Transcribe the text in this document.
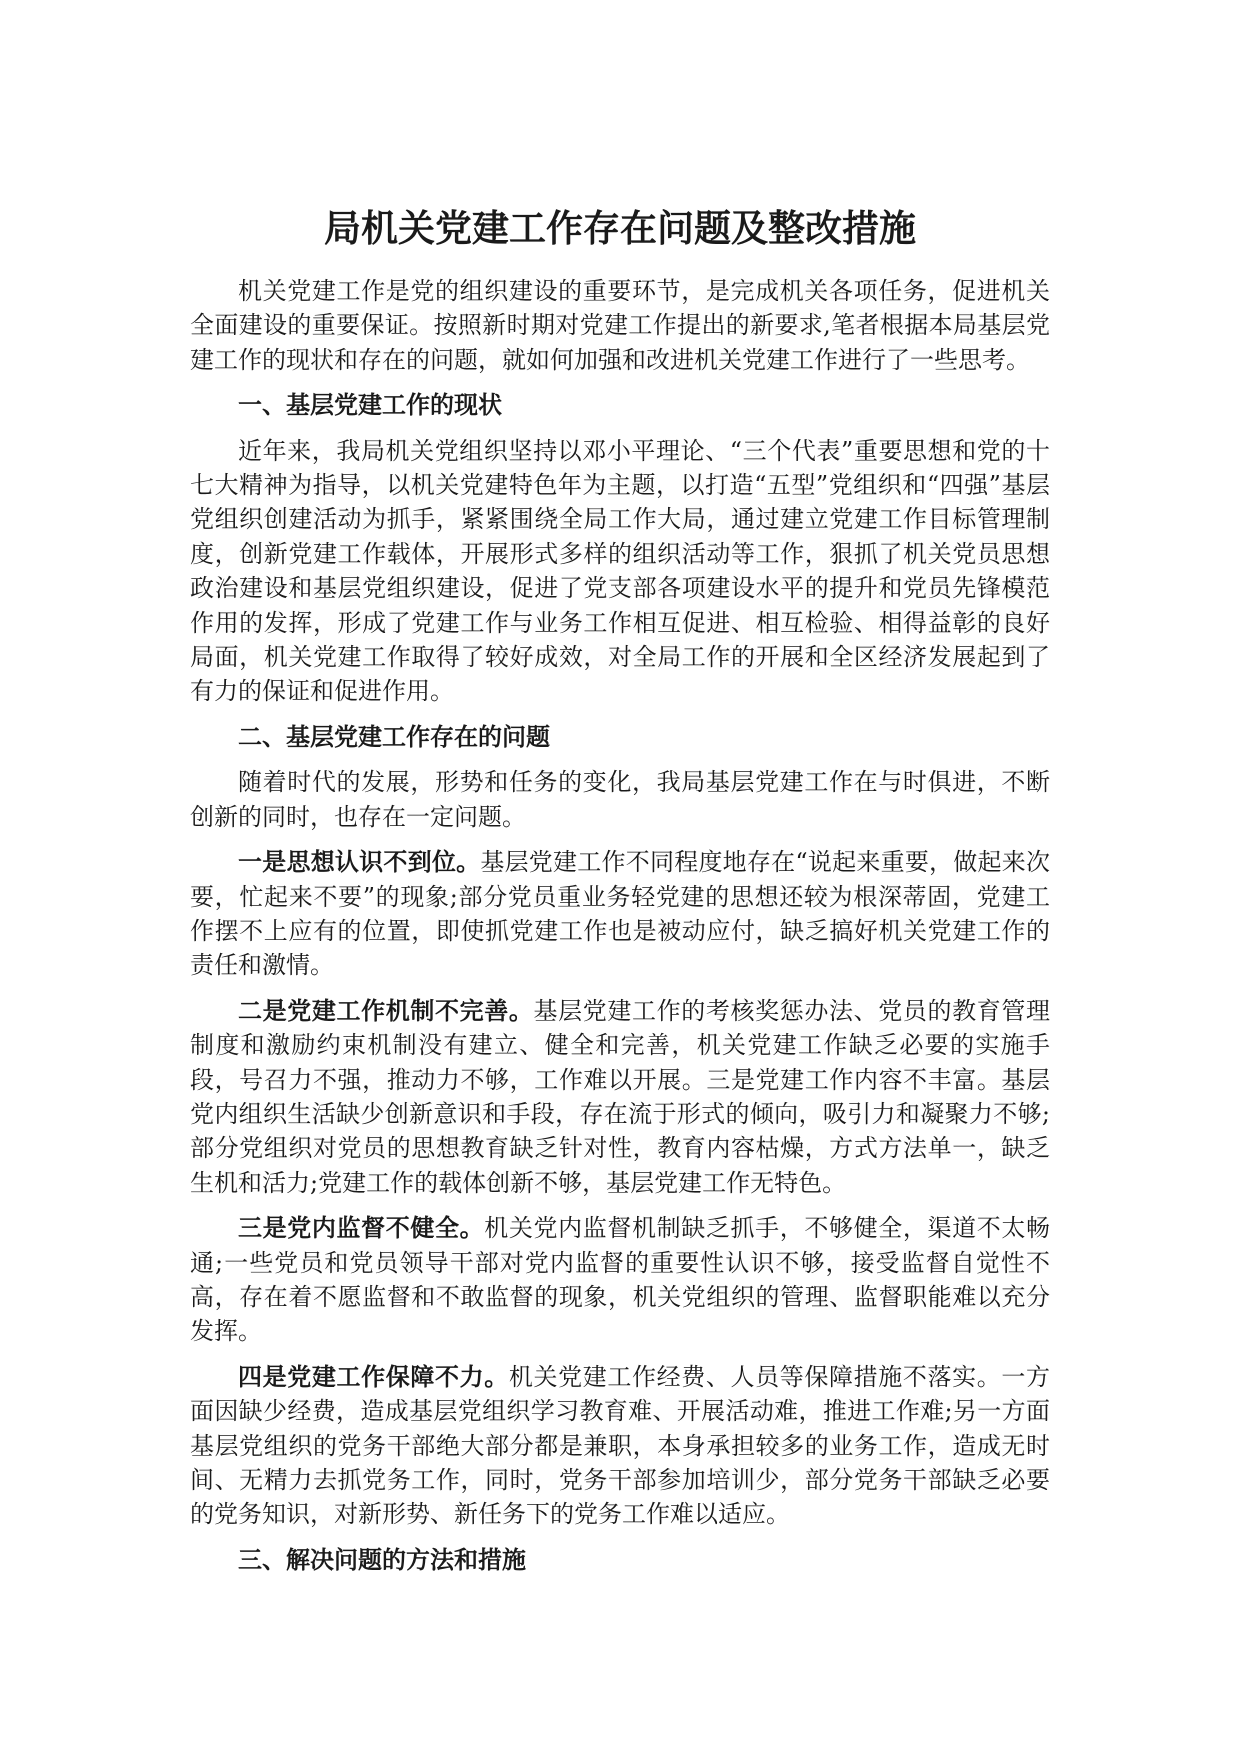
局机关党建工作存在问题及整改措施

机关党建工作是党的组织建设的重要环节，是完成机关各项任务，促进机关全面建设的重要保证。按照新时期对党建工作提出的新要求,笔者根据本局基层党建工作的现状和存在的问题，就如何加强和改进机关党建工作进行了一些思考。

一、基层党建工作的现状

近年来，我局机关党组织坚持以邓小平理论、“三个代表”重要思想和党的十七大精神为指导，以机关党建特色年为主题，以打造“五型”党组织和“四强”基层党组织创建活动为抓手，紧紧围绕全局工作大局，通过建立党建工作目标管理制度，创新党建工作载体，开展形式多样的组织活动等工作，狠抓了机关党员思想政治建设和基层党组织建设，促进了党支部各项建设水平的提升和党员先锋模范作用的发挥，形成了党建工作与业务工作相互促进、相互检验、相得益彰的良好局面，机关党建工作取得了较好成效，对全局工作的开展和全区经济发展起到了有力的保证和促进作用。

二、基层党建工作存在的问题

随着时代的发展，形势和任务的变化，我局基层党建工作在与时俱进，不断创新的同时，也存在一定问题。

一是思想认识不到位。基层党建工作不同程度地存在“说起来重要，做起来次要，忙起来不要”的现象;部分党员重业务轻党建的思想还较为根深蒂固，党建工作摆不上应有的位置，即使抓党建工作也是被动应付，缺乏搞好机关党建工作的责任和激情。

二是党建工作机制不完善。基层党建工作的考核奖惩办法、党员的教育管理制度和激励约束机制没有建立、健全和完善，机关党建工作缺乏必要的实施手段，号召力不强，推动力不够，工作难以开展。三是党建工作内容不丰富。基层党内组织生活缺少创新意识和手段，存在流于形式的倾向，吸引力和凝聚力不够;部分党组织对党员的思想教育缺乏针对性，教育内容枯燥，方式方法单一，缺乏生机和活力;党建工作的载体创新不够，基层党建工作无特色。

三是党内监督不健全。机关党内监督机制缺乏抓手，不够健全，渠道不太畅通;一些党员和党员领导干部对党内监督的重要性认识不够，接受监督自觉性不高，存在着不愿监督和不敢监督的现象，机关党组织的管理、监督职能难以充分发挥。

四是党建工作保障不力。机关党建工作经费、人员等保障措施不落实。一方面因缺少经费，造成基层党组织学习教育难、开展活动难，推进工作难;另一方面基层党组织的党务干部绝大部分都是兼职，本身承担较多的业务工作，造成无时间、无精力去抓党务工作，同时，党务干部参加培训少，部分党务干部缺乏必要的党务知识，对新形势、新任务下的党务工作难以适应。

三、解决问题的方法和措施
